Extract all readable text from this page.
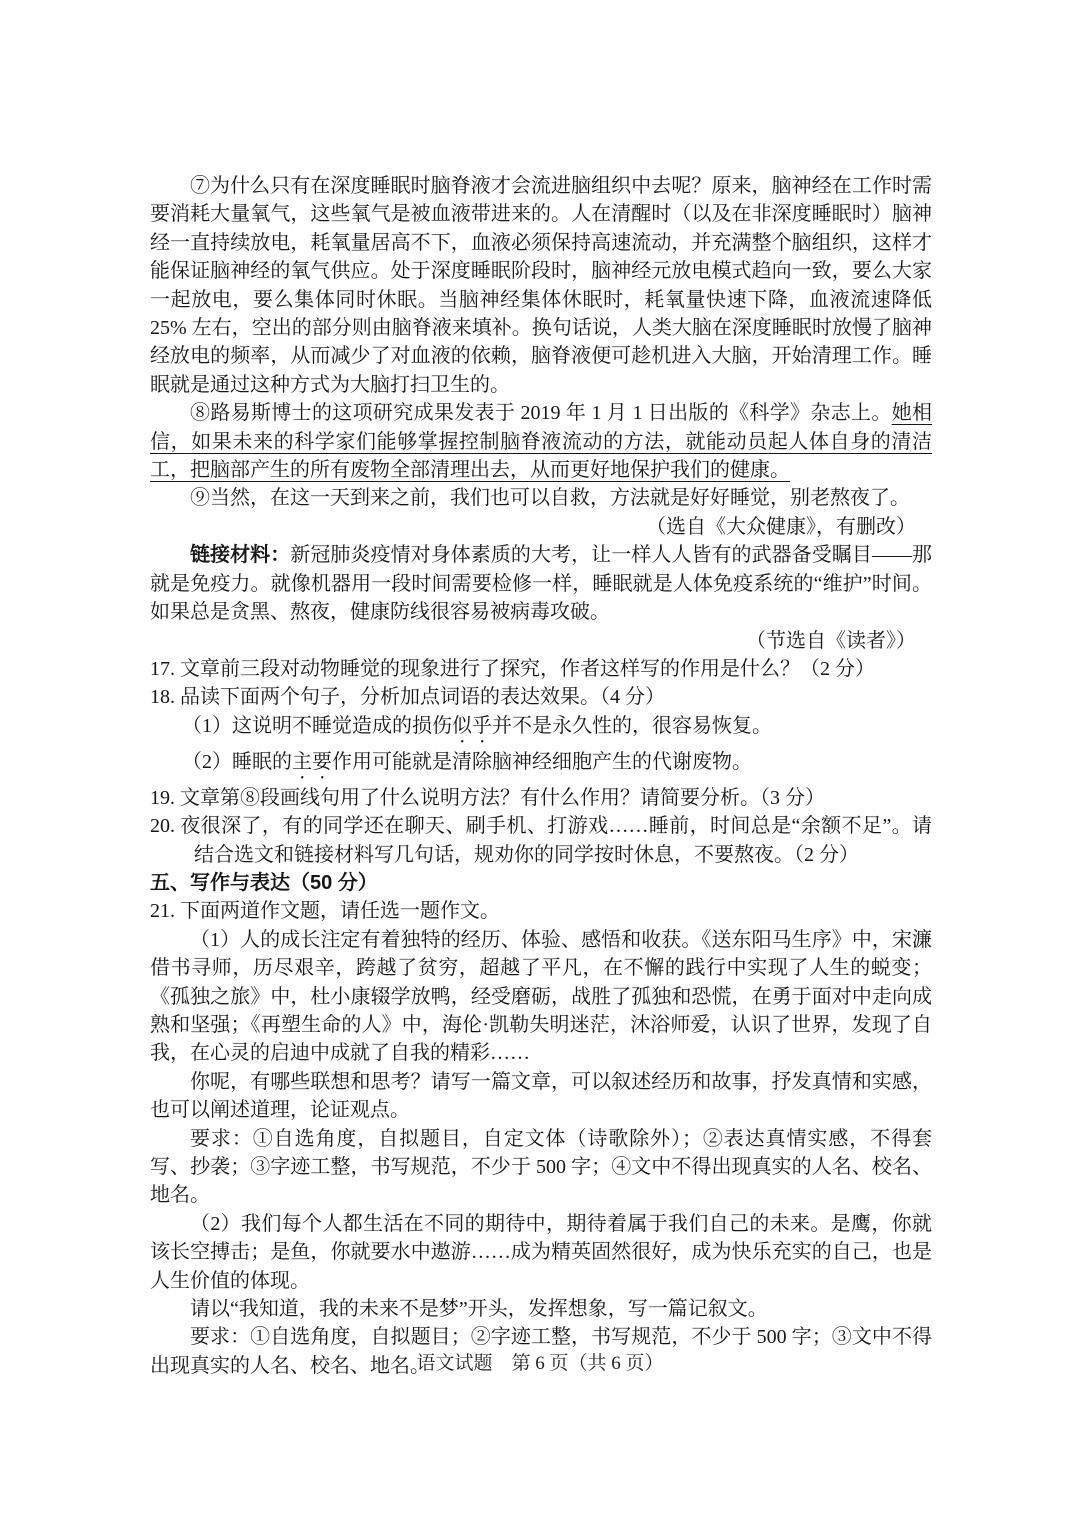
⑦为什么只有在深度睡眠时脑脊液才会流进脑组织中去呢？原来，脑神经在工作时需要消耗大量氧气，这些氧气是被血液带进来的。人在清醒时（以及在非深度睡眠时）脑神经一直持续放电，耗氧量居高不下，血液必须保持高速流动，并充满整个脑组织，这样才能保证脑神经的氧气供应。处于深度睡眠阶段时，脑神经元放电模式趋向一致，要么大家一起放电，要么集体同时休眠。当脑神经集体休眠时，耗氧量快速下降，血液流速降低 25% 左右，空出的部分则由脑脊液来填补。换句话说，人类大脑在深度睡眠时放慢了脑神经放电的频率，从而减少了对血液的依赖，脑脊液便可趁机进入大脑，开始清理工作。睡眠就是通过这种方式为大脑打扫卫生的。

⑧路易斯博士的这项研究成果发表于 2019 年 1 月 1 日出版的《科学》杂志上。她相信，如果未来的科学家们能够掌握控制脑脊液流动的方法，就能动员起人体自身的清洁工，把脑部产生的所有废物全部清理出去，从而更好地保护我们的健康。

⑨当然，在这一天到来之前，我们也可以自救，方法就是好好睡觉，别老熬夜了。

（选自《大众健康》，有删改）

链接材料：新冠肺炎疫情对身体素质的大考，让一样人人皆有的武器备受瞩目——那就是免疫力。就像机器用一段时间需要检修一样，睡眠就是人体免疫系统的“维护”时间。如果总是贪黑、熬夜，健康防线很容易被病毒攻破。

（节选自《读者》）

17. 文章前三段对动物睡觉的现象进行了探究，作者这样写的作用是什么？（2 分）

18. 品读下面两个句子，分析加点词语的表达效果。（4 分）

（1）这说明不睡觉造成的损伤似乎并不是永久性的，很容易恢复。

（2）睡眠的主要作用可能就是清除脑神经细胞产生的代谢废物。

19. 文章第⑧段画线句用了什么说明方法？有什么作用？请简要分析。（3 分）

20. 夜很深了，有的同学还在聊天、刷手机、打游戏……睡前，时间总是“余额不足”。请结合选文和链接材料写几句话，规劝你的同学按时休息，不要熬夜。（2 分）

五、写作与表达（50 分）

21. 下面两道作文题，请任选一题作文。

（1）人的成长注定有着独特的经历、体验、感悟和收获。《送东阳马生序》中，宋濂借书寻师，历尽艰辛，跨越了贫穷，超越了平凡，在不懈的践行中实现了人生的蜕变；《孤独之旅》中，杜小康辍学放鸭，经受磨砺，战胜了孤独和恐慌，在勇于面对中走向成熟和坚强；《再塑生命的人》中，海伦·凯勒失明迷茫，沐浴师爱，认识了世界，发现了自我，在心灵的启迪中成就了自我的精彩……

你呢，有哪些联想和思考？请写一篇文章，可以叙述经历和故事，抒发真情和实感，也可以阐述道理，论证观点。

要求：①自选角度，自拟题目，自定文体（诗歌除外）；②表达真情实感，不得套写、抄袭；③字迹工整，书写规范，不少于 500 字；④文中不得出现真实的人名、校名、地名。

（2）我们每个人都生活在不同的期待中，期待着属于我们自己的未来。是鹰，你就该长空搏击；是鱼，你就要水中遨游……成为精英固然很好，成为快乐充实的自己，也是人生价值的体现。

请以“我知道，我的未来不是梦”开头，发挥想象，写一篇记叙文。

要求：①自选角度，自拟题目；②字迹工整，书写规范，不少于 500 字；③文中不得出现真实的人名、校名、地名。

语文试题　第 6 页（共 6 页）
